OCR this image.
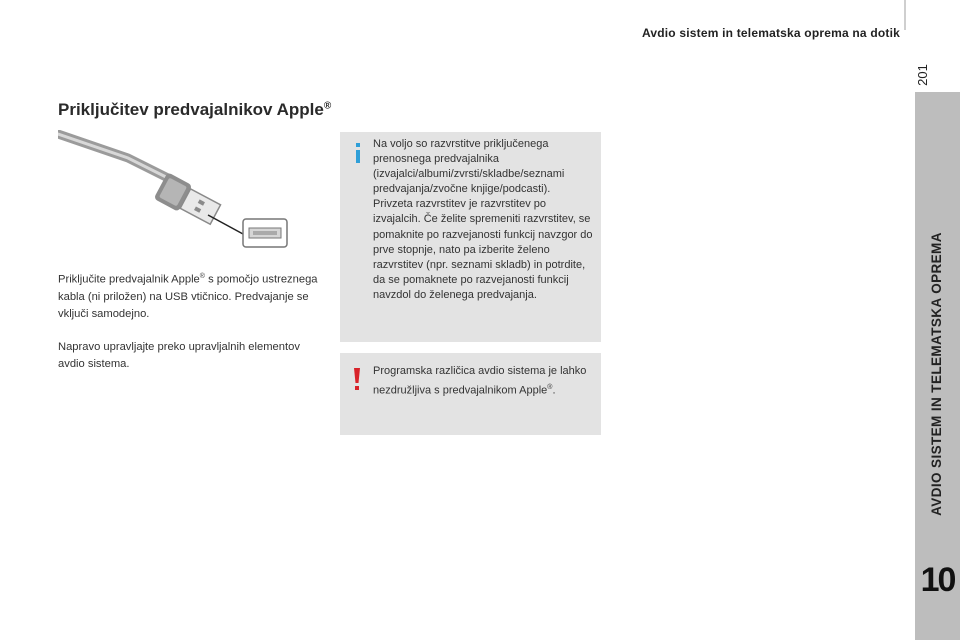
Avdio sistem in telematska oprema na dotik
201
AVDIO SISTEM IN TELEMATSKA OPREMA
10
Priključitev predvajalnikov Apple®
Priključite predvajalnik Apple® s pomočjo ustreznega kabla (ni priložen) na USB vtičnico. Predvajanje se vključi samodejno.
Napravo upravljajte preko upravljalnih elementov avdio sistema.
Na voljo so razvrstitve priključenega prenosnega predvajalnika (izvajalci/albumi/zvrsti/skladbe/seznami predvajanja/zvočne knjige/podcasti). Privzeta razvrstitev je razvrstitev po izvajalcih. Če želite spremeniti razvrstitev, se pomaknite po razvejanosti funkcij navzgor do prve stopnje, nato pa izberite želeno razvrstitev (npr. seznami skladb) in potrdite, da se pomaknete po razvejanosti funkcij navzdol do želenega predvajanja.
Programska različica avdio sistema je lahko nezdružljiva s predvajalnikom Apple®.
